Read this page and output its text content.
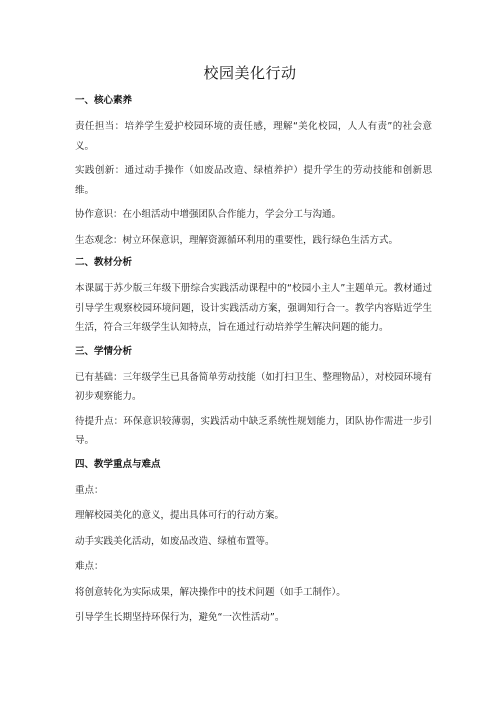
校园美化行动
一、核心素养
责任担当：培养学生爱护校园环境的责任感，理解“美化校园，人人有责”的社会意义。
实践创新：通过动手操作（如废品改造、绿植养护）提升学生的劳动技能和创新思维。
协作意识：在小组活动中增强团队合作能力，学会分工与沟通。
生态观念：树立环保意识，理解资源循环利用的重要性，践行绿色生活方式。
二、教材分析
本课属于苏少版三年级下册综合实践活动课程中的“校园小主人”主题单元。教材通过引导学生观察校园环境问题，设计实践活动方案，强调知行合一。教学内容贴近学生生活，符合三年级学生认知特点，旨在通过行动培养学生解决问题的能力。
三、学情分析
已有基础：三年级学生已具备简单劳动技能（如打扫卫生、整理物品），对校园环境有初步观察能力。
待提升点：环保意识较薄弱，实践活动中缺乏系统性规划能力，团队协作需进一步引导。
四、教学重点与难点
重点：
理解校园美化的意义，提出具体可行的行动方案。
动手实践美化活动，如废品改造、绿植布置等。
难点：
将创意转化为实际成果，解决操作中的技术问题（如手工制作）。
引导学生长期坚持环保行为，避免“一次性活动”。
